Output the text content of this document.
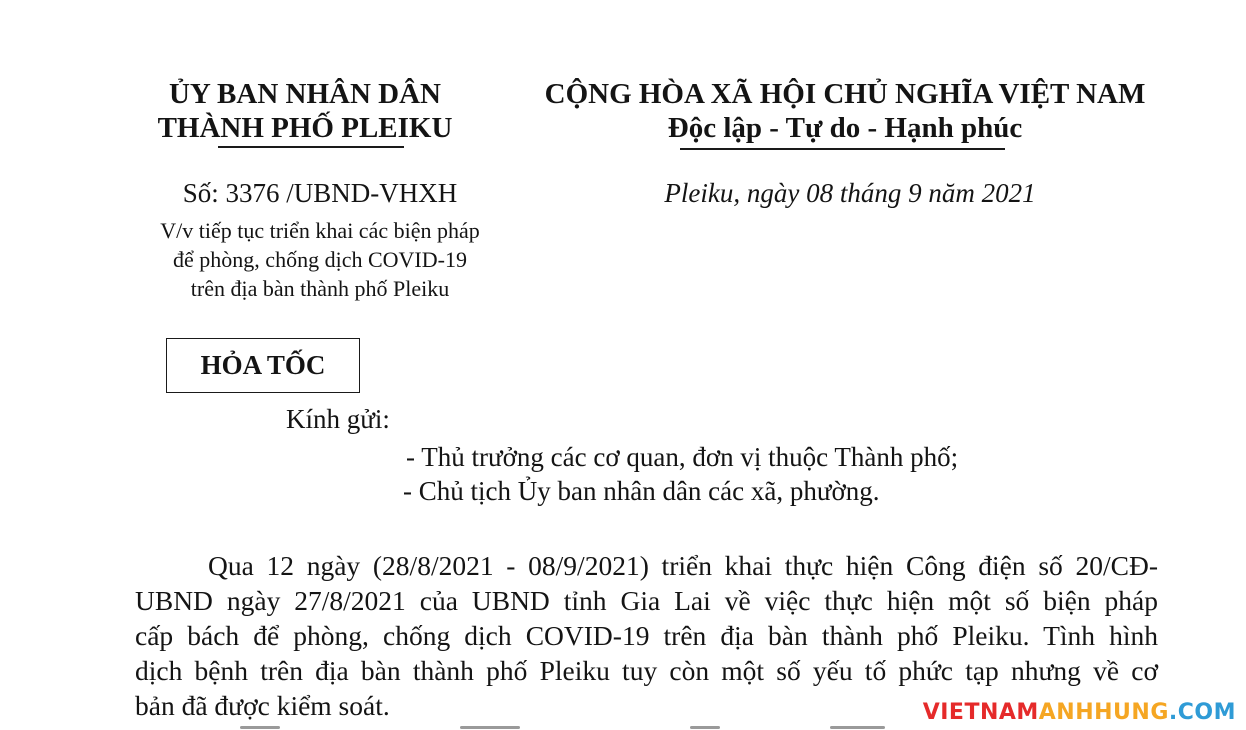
ỦY BAN NHÂN DÂN
THÀNH PHỐ PLEIKU
CỘNG HÒA XÃ HỘI CHỦ NGHĨA VIỆT NAM
Độc lập - Tự do - Hạnh phúc
Số: 3376 /UBND-VHXH
V/v tiếp tục triển khai các biện pháp
để phòng, chống dịch COVID-19
trên địa bàn thành phố Pleiku
Pleiku, ngày 08 tháng 9 năm 2021
HỎA TỐC
Kính gửi:
- Thủ trưởng các cơ quan, đơn vị thuộc Thành phố;
- Chủ tịch Ủy ban nhân dân các xã, phường.
Qua 12 ngày (28/8/2021 - 08/9/2021) triển khai thực hiện Công điện số 20/CĐ-
UBND ngày 27/8/2021 của UBND tỉnh Gia Lai về việc thực hiện một số biện pháp
cấp bách để phòng, chống dịch COVID-19 trên địa bàn thành phố Pleiku. Tình hình
dịch bệnh trên địa bàn thành phố Pleiku tuy còn một số yếu tố phức tạp nhưng về cơ
bản đã được kiểm soát.	VIETNAMANHHUNG.COM
